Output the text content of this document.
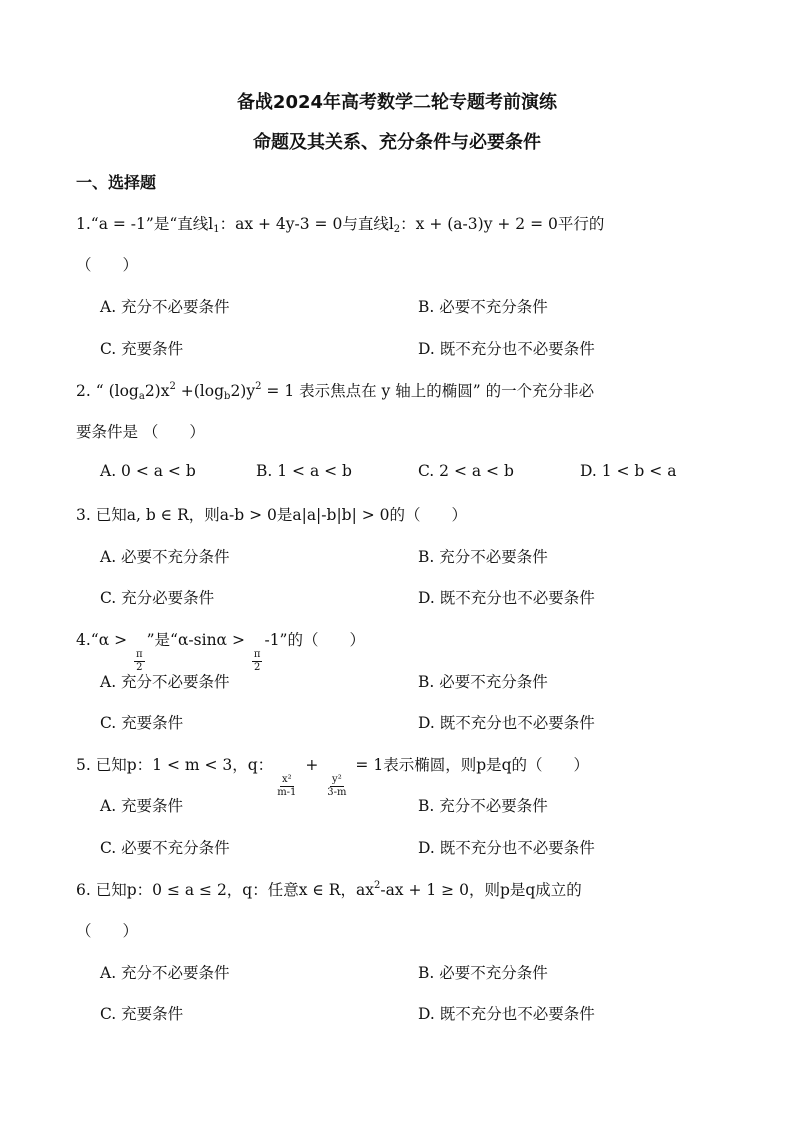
备战2024年高考数学二轮专题考前演练
命题及其关系、充分条件与必要条件
一、选择题
1.“a = -1”是“直线$l_1$：ax + 4y-3 = 0与直线$l_2$：x + (a-3)y + 2 = 0平行的
（　　）
A. 充分不必要条件	B. 必要不充分条件
C. 充要条件	D. 既不充分也不必要条件
2. “ $(\log_a2)x^2 +(\log_b2)y^2 = 1$ 表示焦点在 y 轴上的椭圆” 的一个充分非必
要条件是 （　　）
A. 0 < a < b	B. 1 < a < b	C. 2 < a < b	D. 1 < b < a
3. 已知a, b ∈ R，则a-b > 0是a|a|-b|b| > 0的（　　）
A. 必要不充分条件	B. 充分不必要条件
C. 充分必要条件	D. 既不充分也不必要条件
4.“α >
$\frac{\pi}{2}$
”是“α-sinα >
$\frac{\pi}{2}$
-1”的（　　）
A. 充分不必要条件	B. 必要不充分条件
C. 充要条件	D. 既不充分也不必要条件
5. 已知p：1 < m < 3，q：
$\frac{\text{x²}}{m-1}$
+
$\frac{\text{y²}}{3-m}$
= 1表示椭圆，则p是q的（　　）
A. 充要条件	B. 充分不必要条件
C. 必要不充分条件	D. 既不充分也不必要条件
6. 已知p：0 ≤ a ≤ 2，q：任意x ∈ R，$ax^2-ax + 1 \ge 0$，则p是q成立的
（　　）
A. 充分不必要条件	B. 必要不充分条件
C. 充要条件	D. 既不充分也不必要条件
